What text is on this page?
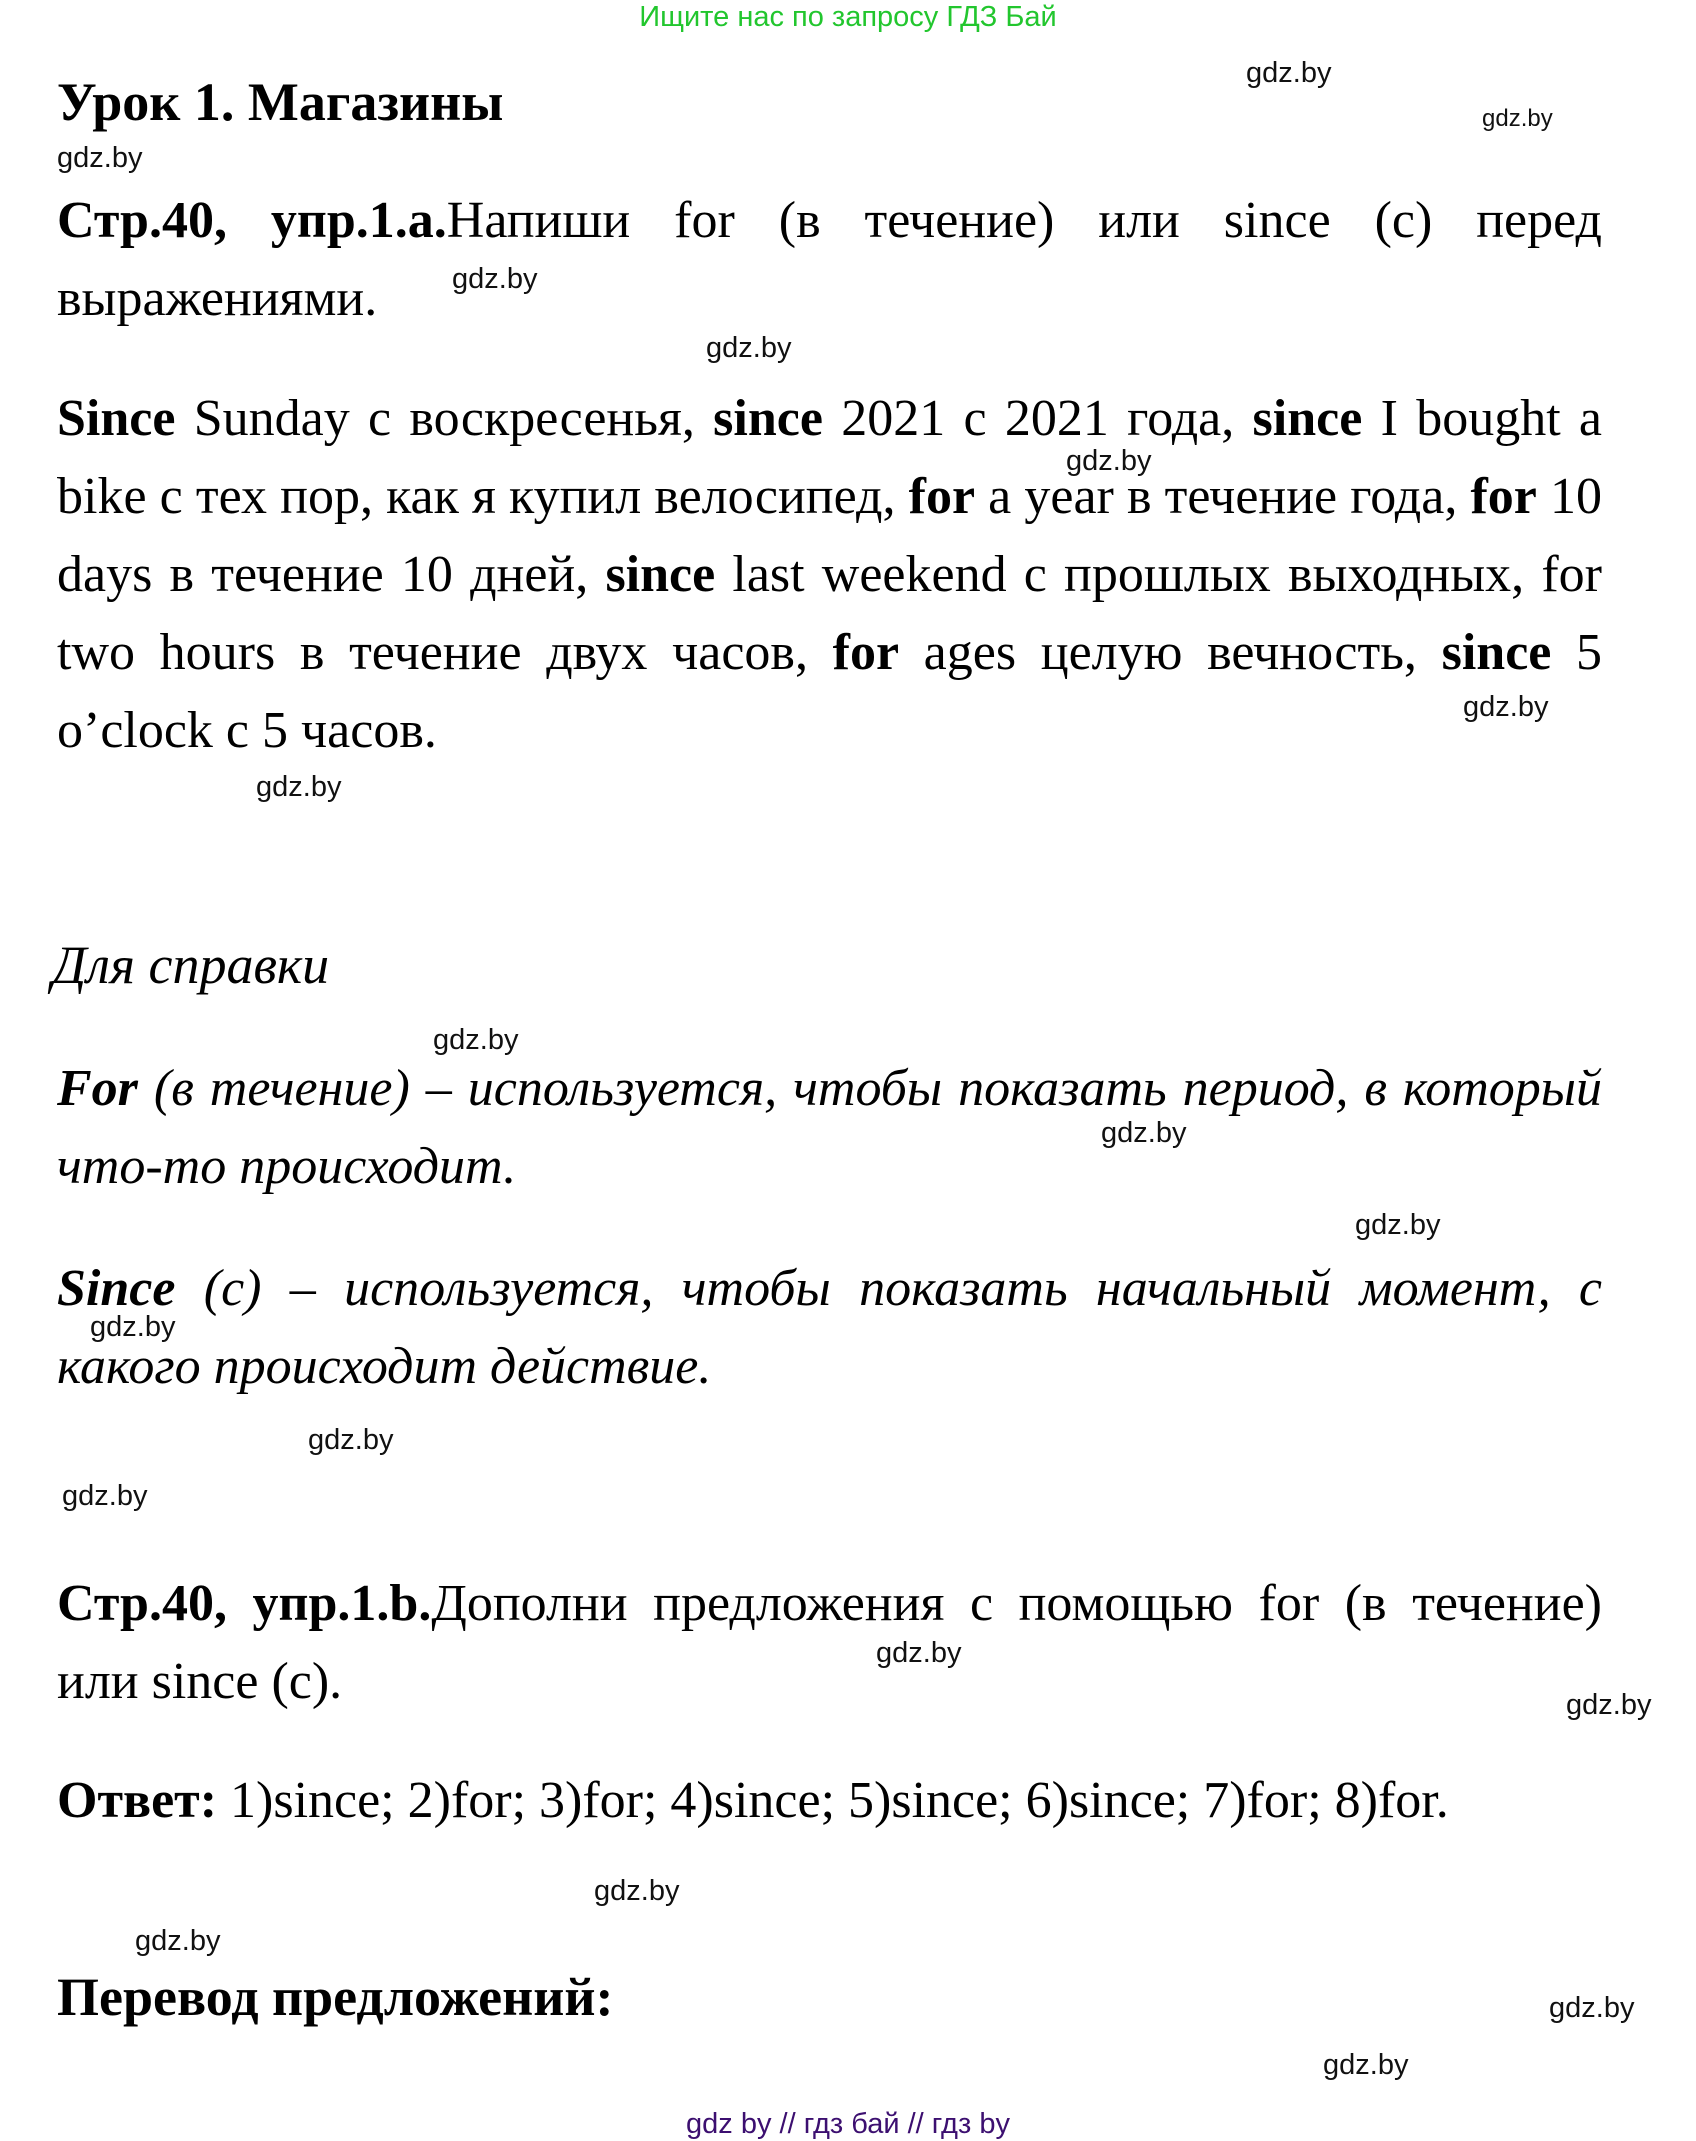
Ищите нас по запросу ГДЗ Бай
Урок 1. Магазины
Стр.40, упр.1.a.Напиши for (в течение) или since (с) перед выражениями.
Since Sunday с воскресенья, since 2021 с 2021 года, since I bought a bike с тех пор, как я купил велосипед, for a year в течение года, for 10 days в течение 10 дней, since last weekend с прошлых выходных, for two hours в течение двух часов, for ages целую вечность, since 5 o’clock с 5 часов.
Для справки
For (в течение) – используется, чтобы показать период, в который что-то происходит.
Since (с) – используется, чтобы показать начальный момент, с какого происходит действие.
Стр.40, упр.1.b.Дополни предложения с помощью for (в течение) или since (с).
Ответ: 1)since; 2)for; 3)for; 4)since; 5)since; 6)since; 7)for; 8)for.
Перевод предложений:
gdz.by
gdz.by
gdz.by
gdz.by
gdz.by
gdz.by
gdz.by
gdz.by
gdz.by
gdz.by
gdz.by
gdz.by
gdz.by
gdz.by
gdz.by
gdz.by
gdz.by
gdz.by
gdz.by
gdz.by
gdz by // гдз бай // гдз by
